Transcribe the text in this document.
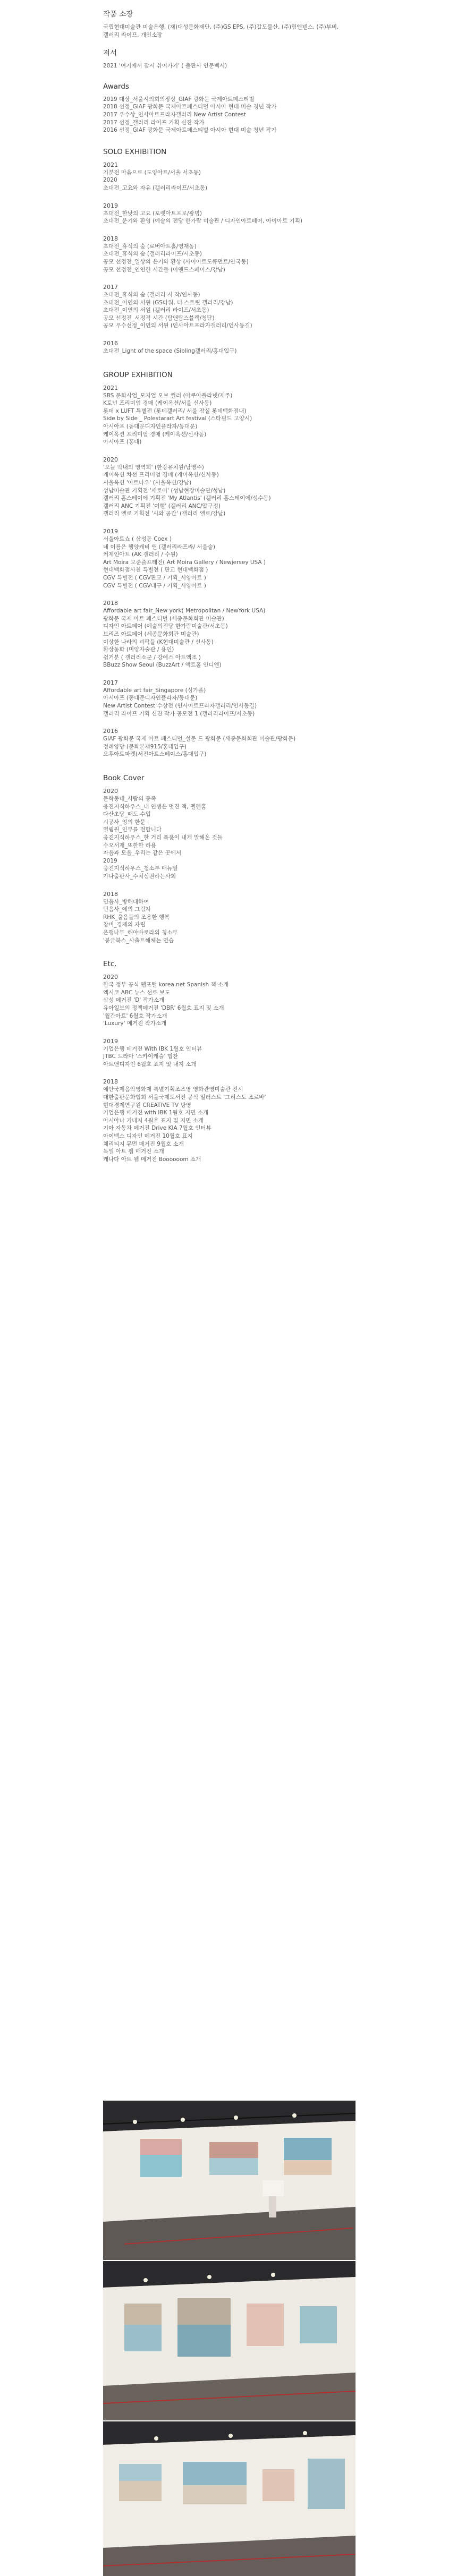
작품 소장
국립현대미술관 미술은행, (재)대성문화재단, (주)GS EPS, (주)갑도물산, (주)림엔텐스, (주)부비,
갤러리 라이프, 개인소장
저서
2021 '여기에서 잠시 쉬어가기' ( 출판사 인문백서)
Awards
2019 대상_서울시의회의장상_GIAF 광화문 국제아트페스티벌
2018 선정_GIAF 광화문 국제아트페스티벌 아시아 현대 미술 청년 작가
2017 우수상_인사아트프라자갤러리 New Artist Contest
2017 선정_갤러리 라이프 기획 신진 작가
2016 선정_GIAF 광화문 국제아트페스티벌 아시아 현대 미술 청년 작가
SOLO EXHIBITION
2021
기분전 마음으로 (도잉아트/서울 서초동)
2020
초대전_고요와 자유 (갤러리라이프/서초동)
2019
초대전_한낮의 고요 (포렛아트프로/광명)
초대전_운기와 환영 (예술의 전당 한가람 미술관 / 디자인아트페어, 아이아트 기획)
2018
초대전_휴식의 숲 (로버아트홀/영재동)
초대전_휴식의 숲 (갤러리라이프/서초동)
공모 선정전_일상의 은기와 환상 (사이아트도큐먼트/안국동)
공모 선정전_인연한 시간들 (이앤드스페이스/강남)
2017
초대전_휴식의 숲 (갤러리 시 작/인사동)
초대전_이연의 서원 (GS타워, 더 스트릿 갤러리/강남)
초대전_이연의 서원 (갤러리 라이프/서초동)
공모 선정전_서정적 시간 (탐앤탐스블랙/청담)
공모 우수선정_이연의 서원 (인사아트프라자갤러리/인사동길)
2016
초대전_Light of the space (Sibling갤러리/홍대입구)
GROUP EXHIBITION
2021
SBS 문화사업_모지업 오브 컬러 (아쿠아플라넷/제주)
K토넌 프리미엄 경매 (케이옥션/서울 신사동)
롯데 x LUFT 특별전 (롯데갤러리/ 서울 잠실 롯데백화점내)
Side by Side _ Polestarart Art festival (스타필드 고양시)
아시아프 (동대문디자인플라자/동대문)
케이옥션 프리미엄 경매 (케이옥션/신사동)
아시아프 (홍대)
2020
'오늘 막내의 영역회' (한강유치원/남영주)
케이옥션 차선 프리미엄 경매 (케이옥션/신사동)
서울옥션 '아트나우' (서울옥션/강남)
성남미술관 기획전 '새로이' (성남현장미술관/성남)
갤러리 홈스테이에 기획전 'My Atlantis' (갤러리 홈스테이에/성수동)
갤러리 ANC 기획전 '여행' (갤러리 ANC/압구정)
갤러리 엘로 기획전 '시와 공간' (갤러리 엘로/강남)
2019
서울아트쇼 ( 삼성동 Coex )
네 이름은 행양캐비 앤 (갤러리라프라/ 서울술)
커제인아트 (AK 갤러리 / 수원)
Art Moira 모준즐프태전( Art Moira Gallery / Newjersey USA )
현대백화점사천 특별전 ( 판교 현대백화점 )
CGV 특별전 ( CGV판교 / 기획_서양아트 )
CGV 특별전 ( CGV대구 / 기획_서양아트 )
2018
Affordable art fair_New york( Metropolitan / NewYork USA)
광화문 국제 아트 페스티벌 (세종문화회관 미술관)
디자인 아트페어 (예술의전당 한가람미술관/서초동)
브리즈 아트페어 (세종문화회관 미술관)
이상한 나라의 괴팍들 (K현대미술관 / 신사동)
환상동화 (미양자술관 / 용인)
쉽거분 ( 갤러리쇼군 / 강예스 아트엑조 )
BBuzz Show Seoul (BuzzArt / 액트홀 인디엔)
2017
Affordable art fair_Singapore (싱가폴)
아시아프 (동대문디자인플라자/동대문)
New Artist Contest 수상전 (인사아트프라자갤러리/인사동길)
갤러리 라이프 기획 신진 작가 공모전 1 (갤러리라이프/서초동)
2016
GIAF 광화문 국제 아트 페스티벌_설문 드 광화문 (세종문화회관 미술관/광화문)
정례양당 (문화본재915/홍대입구)
오후아트파켓(서진아트스페이스/홍대입구)
Book Cover
2020
문학동네_사람의 종족
웅진지식하우스_내 인생은 멋진 책, 멜렌홈
다산초당_때도 수업
시공사_엉의 한문
열림원_인부를 전합니다
웅진지식하우스_한 거리 폭풍이 내게 말해온 것들
수오서재_또한한 하용
자음과 모음_우리는 같은 곳에서
2019
웅진지식하우스_청소부 매뉴얼
가나출판사_수치심권하는사회
2018
민음사_방해대하여
민음사_예의 그림자
RHK_울음들의 조용한 행복
창비_경제의 자립
은행나무_해야바로라의 청소부
'봉글북스_사출트해체는 연습
Etc.
2020
한국 정부 공식 웹포털 korea.net Spanish 책 소개
엑시코 ABC 뉴스 선로 보도
삼성 메거진 'D' 작가소개
유아일보의 정책메거진 'DBR' 6월호 표지 및 소개
'월간아트' 6월호 작가소개
'Luxury' 메거진 작가소개
2019
기업은행 메거진 With IBK 1월호 인터뷰
JTBC 드라마 '스카이캐슬' 협찬
아트앤디자인 6월호 표지 및 내지 소개
2018
예안국제음악영화제 특별기획조즈영 영화관영미술관 전시
대한출판문화협회 서울국제도서전 공식 일러스트 '그리스도 조르바'
현대경제연구원 CREATIVE TV 방영
기업은행 메거진 with IBK 1월호 지면 소개
아시아나 기내지 4월호 표지 및 지면 소개
기아 자동차 메거진 Drive KIA 7월호 인터뷰
아이백스 디자인 메거진 10월호 표지
체리티지 뮤먼 매거진 9월호 소개
독일 아트 웹 매거진 소개
캐나다 아트 웹 메거진 Boooooom 소개
